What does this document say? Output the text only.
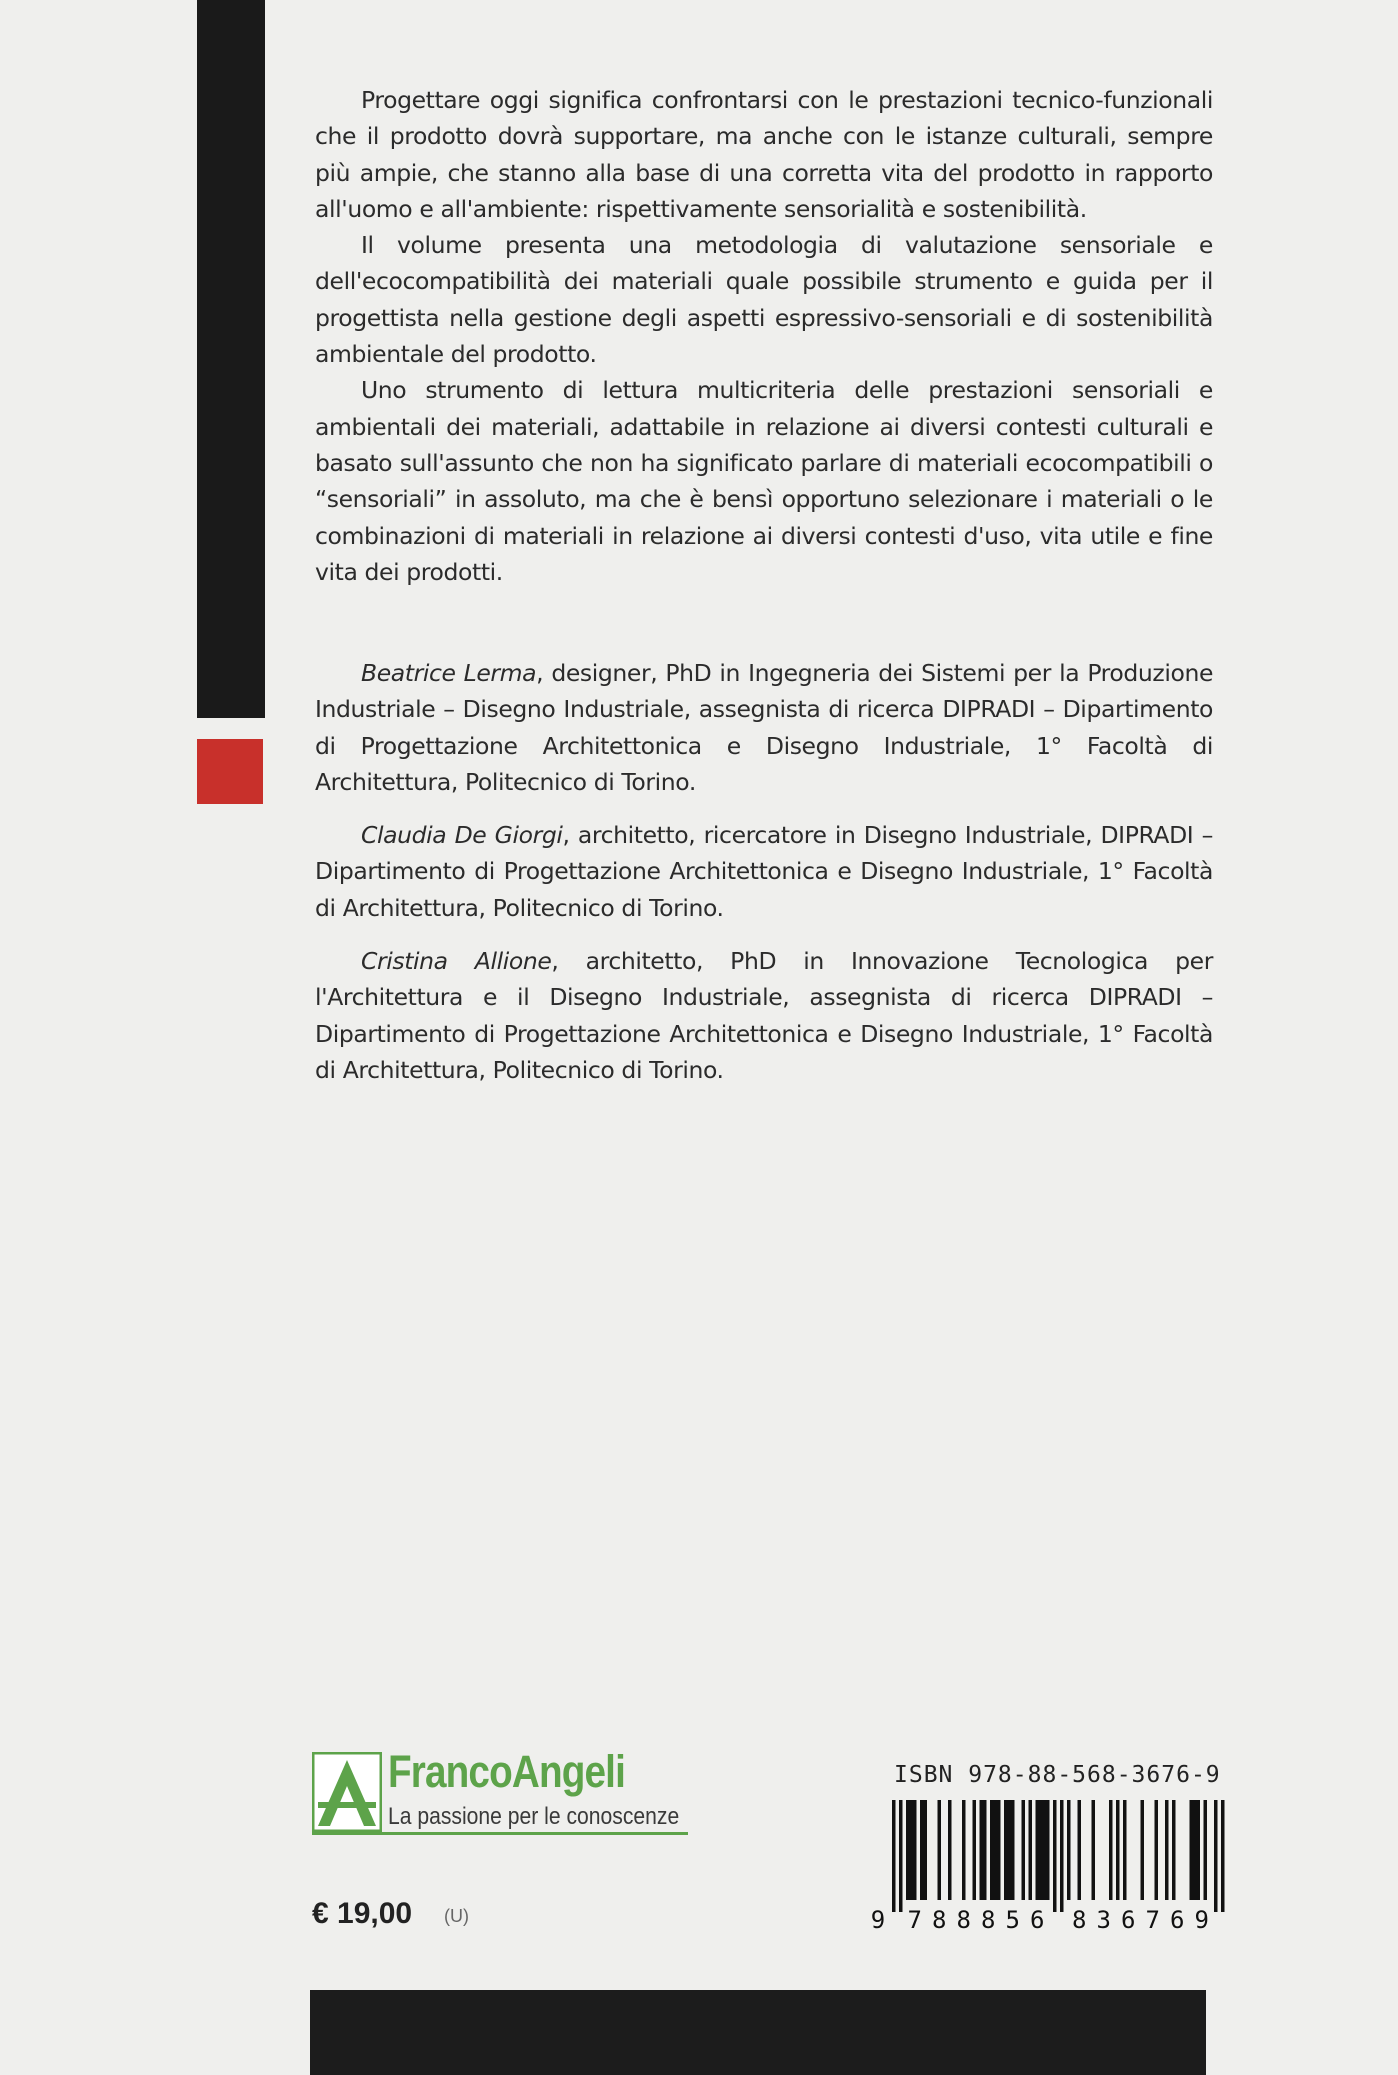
Progettare oggi significa confrontarsi con le prestazioni tecnico-funzionali che il prodotto dovrà supportare, ma anche con le istanze culturali, sempre più ampie, che stanno alla base di una corretta vita del prodotto in rapporto all'uomo e all'ambiente: rispettivamente sensorialità e sostenibilità.

Il volume presenta una metodologia di valutazione sensoriale e dell'ecocompatibilità dei materiali quale possibile strumento e guida per il progettista nella gestione degli aspetti espressivo-sensoriali e di sostenibilità ambientale del prodotto.

Uno strumento di lettura multicriteria delle prestazioni sensoriali e ambientali dei materiali, adattabile in relazione ai diversi contesti culturali e basato sull'assunto che non ha significato parlare di materiali ecocompatibili o “sensoriali” in assoluto, ma che è bensì opportuno selezionare i materiali o le combinazioni di materiali in relazione ai diversi contesti d'uso, vita utile e fine vita dei prodotti.

Beatrice Lerma, designer, PhD in Ingegneria dei Sistemi per la Produzione Industriale – Disegno Industriale, assegnista di ricerca DIPRADI – Dipartimento di Progettazione Architettonica e Disegno Industriale, 1° Facoltà di Architettura, Politecnico di Torino.

Claudia De Giorgi, architetto, ricercatore in Disegno Industriale, DIPRADI – Dipartimento di Progettazione Architettonica e Disegno Industriale, 1° Facoltà di Architettura, Politecnico di Torino.

Cristina Allione, architetto, PhD in Innovazione Tecnologica per l'Architettura e il Disegno Industriale, assegnista di ricerca DIPRADI – Dipartimento di Progettazione Architettonica e Disegno Industriale, 1° Facoltà di Architettura, Politecnico di Torino.

FrancoAngeli
La passione per le conoscenze
ISBN 978-88-568-3676-9
9 7 8 8 8 5 6 8 3 6 7 6 9
€ 19,00 (U)
